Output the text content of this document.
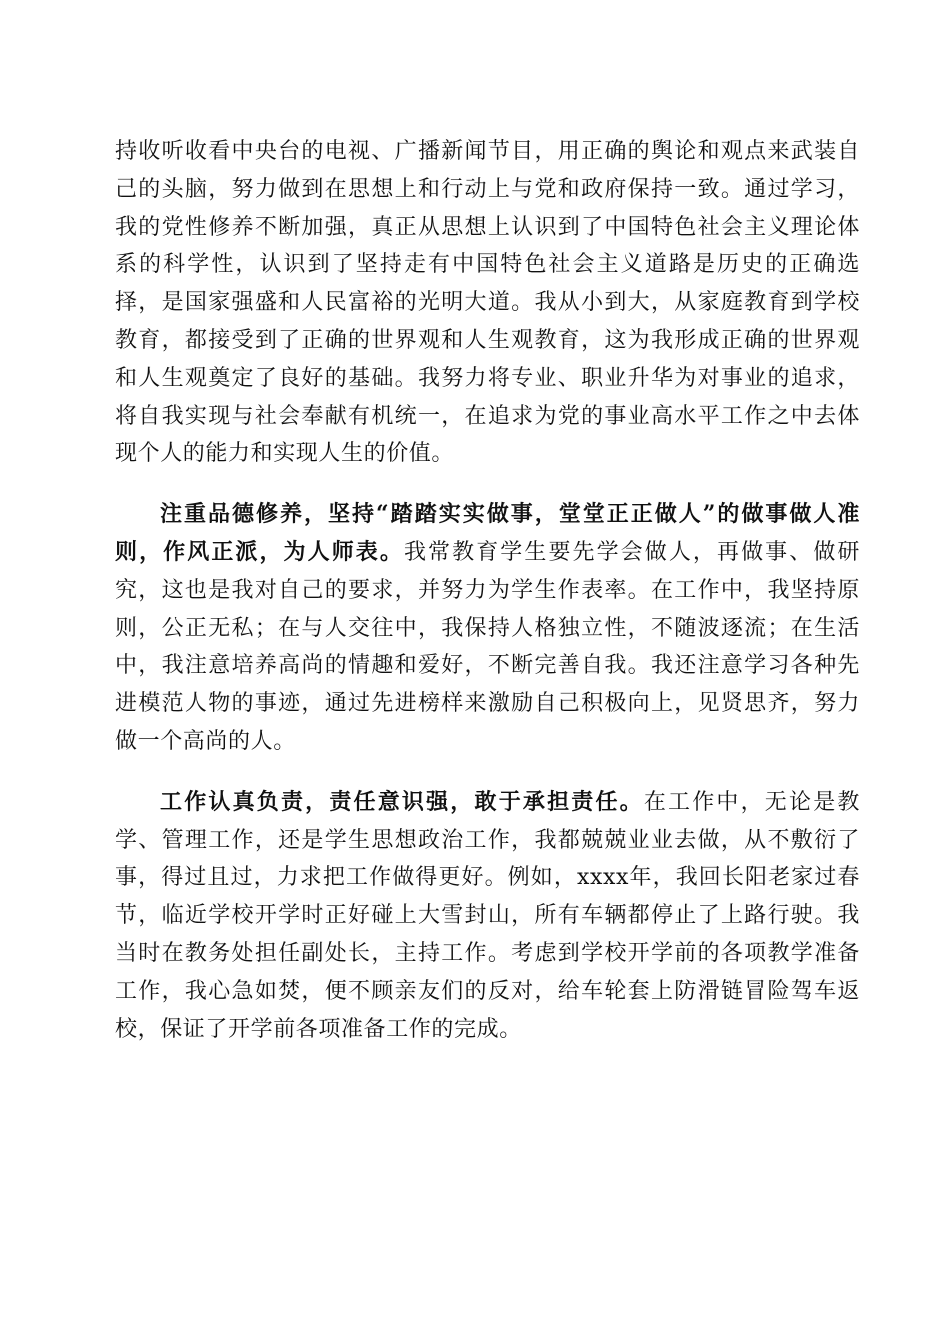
持收听收看中央台的电视、广播新闻节目，用正确的舆论和观点来武装自己的头脑，努力做到在思想上和行动上与党和政府保持一致。通过学习，我的党性修养不断加强，真正从思想上认识到了中国特色社会主义理论体系的科学性，认识到了坚持走有中国特色社会主义道路是历史的正确选择，是国家强盛和人民富裕的光明大道。我从小到大，从家庭教育到学校教育，都接受到了正确的世界观和人生观教育，这为我形成正确的世界观和人生观奠定了良好的基础。我努力将专业、职业升华为对事业的追求，将自我实现与社会奉献有机统一，在追求为党的事业高水平工作之中去体现个人的能力和实现人生的价值。

注重品德修养，坚持“踏踏实实做事，堂堂正正做人”的做事做人准则，作风正派，为人师表。我常教育学生要先学会做人，再做事、做研究，这也是我对自己的要求，并努力为学生作表率。在工作中，我坚持原则，公正无私；在与人交往中，我保持人格独立性，不随波逐流；在生活中，我注意培养高尚的情趣和爱好，不断完善自我。我还注意学习各种先进模范人物的事迹，通过先进榜样来激励自己积极向上，见贤思齐，努力做一个高尚的人。

工作认真负责，责任意识强，敢于承担责任。在工作中，无论是教学、管理工作，还是学生思想政治工作，我都兢兢业业去做，从不敷衍了事，得过且过，力求把工作做得更好。例如，xxxx年，我回长阳老家过春节，临近学校开学时正好碰上大雪封山，所有车辆都停止了上路行驶。我当时在教务处担任副处长，主持工作。考虑到学校开学前的各项教学准备工作，我心急如焚，便不顾亲友们的反对，给车轮套上防滑链冒险驾车返校，保证了开学前各项准备工作的完成。
